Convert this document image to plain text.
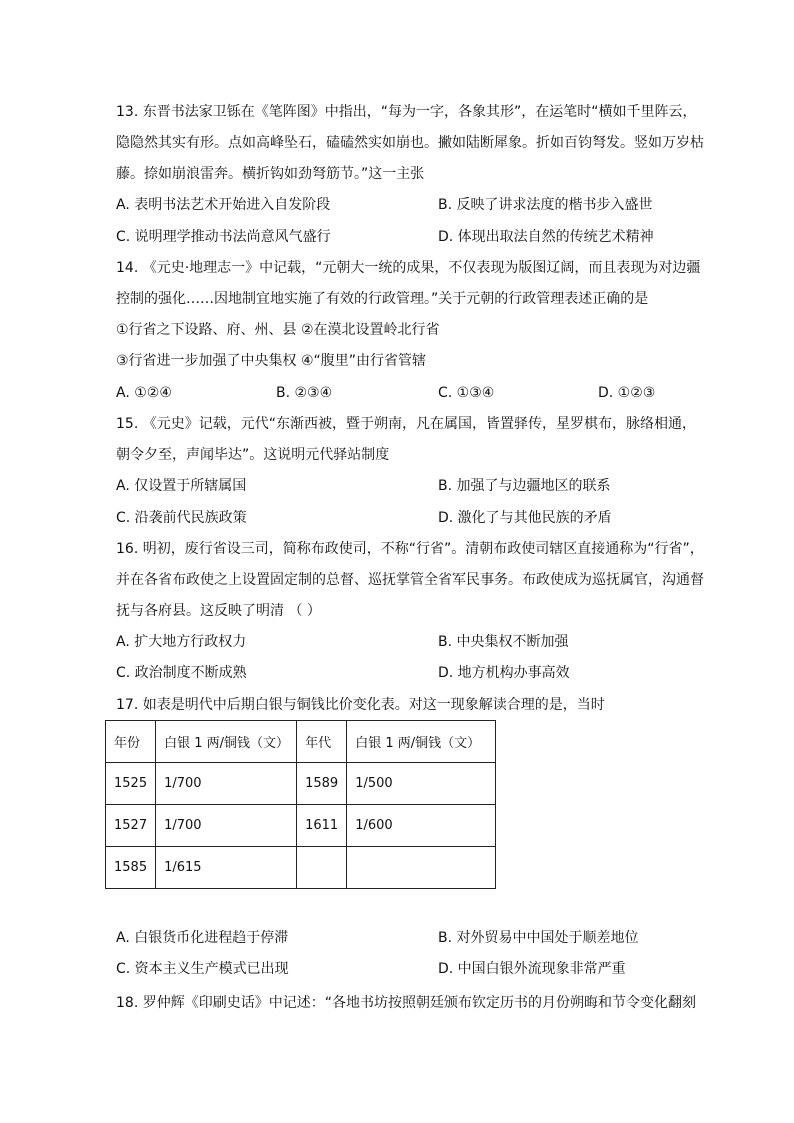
13. 东晋书法家卫铄在《笔阵图》中指出，“每为一字，各象其形”，在运笔时“横如千里阵云，
隐隐然其实有形。点如高峰坠石，磕磕然实如崩也。撇如陆断犀象。折如百钧弩发。竖如万岁枯
藤。捺如崩浪雷奔。横折钩如劲弩筋节。”这一主张
A. 表明书法艺术开始进入自发阶段	B. 反映了讲求法度的楷书步入盛世
C. 说明理学推动书法尚意风气盛行	D. 体现出取法自然的传统艺术精神
14. 《元史·地理志一》中记载，“元朝大一统的成果，不仅表现为版图辽阔，而且表现为对边疆
控制的强化……因地制宜地实施了有效的行政管理。”关于元朝的行政管理表述正确的是
①行省之下设路、府、州、县 ②在漠北设置岭北行省
③行省进一步加强了中央集权 ④“腹里”由行省管辖
A. ①②④	B. ②③④	C. ①③④	D. ①②③
15. 《元史》记载，元代“东渐西被，暨于朔南，凡在属国，皆置驿传，星罗棋布，脉络相通，
朝令夕至，声闻毕达”。这说明元代驿站制度
A. 仅设置于所辖属国	B. 加强了与边疆地区的联系
C. 沿袭前代民族政策	D. 激化了与其他民族的矛盾
16. 明初，废行省设三司，简称布政使司，不称“行省”。清朝布政使司辖区直接通称为“行省”，
并在各省布政使之上设置固定制的总督、巡抚掌管全省军民事务。布政使成为巡抚属官，沟通督
抚与各府县。这反映了明清 （ ）
A. 扩大地方行政权力	B. 中央集权不断加强
C. 政治制度不断成熟	D. 地方机构办事高效
17. 如表是明代中后期白银与铜钱比价变化表。对这一现象解读合理的是，当时
年份	白银 1 两/铜钱（文）	年代	白银 1 两/铜钱（文）
1525	1/700	1589	1/500
1527	1/700	1611	1/600
1585	1/615		
A. 白银货币化进程趋于停滞	B. 对外贸易中中国处于顺差地位
C. 资本主义生产模式已出现	D. 中国白银外流现象非常严重
18. 罗仲辉《印刷史话》中记述：“各地书坊按照朝廷颁布钦定历书的月份朔晦和节令变化翻刻
